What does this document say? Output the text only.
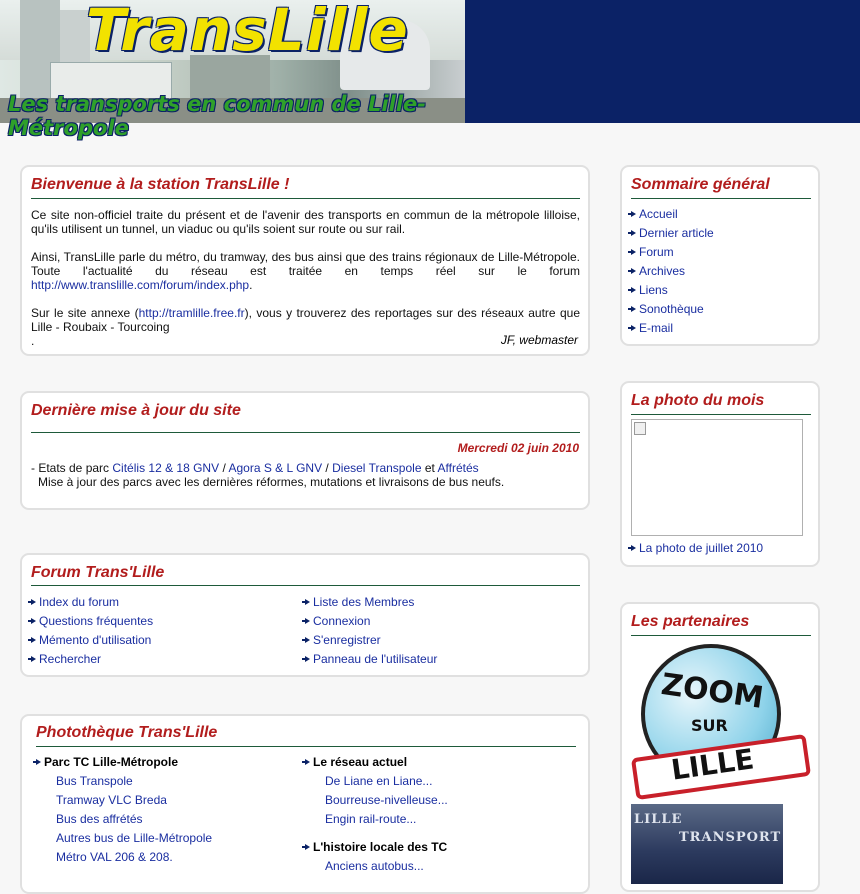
TransLille
Les transports en commun de Lille-Métropole
Bienvenue à la station TransLille !
Ce site non-officiel traite du présent et de l'avenir des transports en commun de la métropole lilloise, qu'ils utilisent un tunnel, un viaduc ou qu'ils soient sur route ou sur rail.
Ainsi, TransLille parle du métro, du tramway, des bus ainsi que des trains régionaux de Lille-Métropole. Toute l'actualité du réseau est traitée en temps réel sur le forum http://www.translille.com/forum/index.php.
Sur le site annexe (http://tramlille.free.fr), vous y trouverez des reportages sur des réseaux autre que Lille - Roubaix - Tourcoing
.	JF, webmaster
Dernière mise à jour du site
Mercredi 02 juin 2010
- Etats de parc Citélis 12 & 18 GNV / Agora S & L GNV / Diesel Transpole et Affrétés
Mise à jour des parcs avec les dernières réformes, mutations et livraisons de bus neufs.
Forum Trans'Lille
Index du forum
Questions fréquentes
Mémento d'utilisation
Rechercher
Liste des Membres
Connexion
S'enregistrer
Panneau de l'utilisateur
Photothèque Trans'Lille
Parc TC Lille-Métropole
Bus Transpole
Tramway VLC Breda
Bus des affrétés
Autres bus de Lille-Métropole
Métro VAL 206 & 208.
Le réseau actuel
De Liane en Liane...
Bourreuse-nivelleuse...
Engin rail-route...
L'histoire locale des TC
Anciens autobus...
Sommaire général
Accueil
Dernier article
Forum
Archives
Liens
Sonothèque
E-mail
La photo du mois
La photo de juillet 2010
Les partenaires
ZOOM
SUR
LILLE
LILLE
TRANSPORT
